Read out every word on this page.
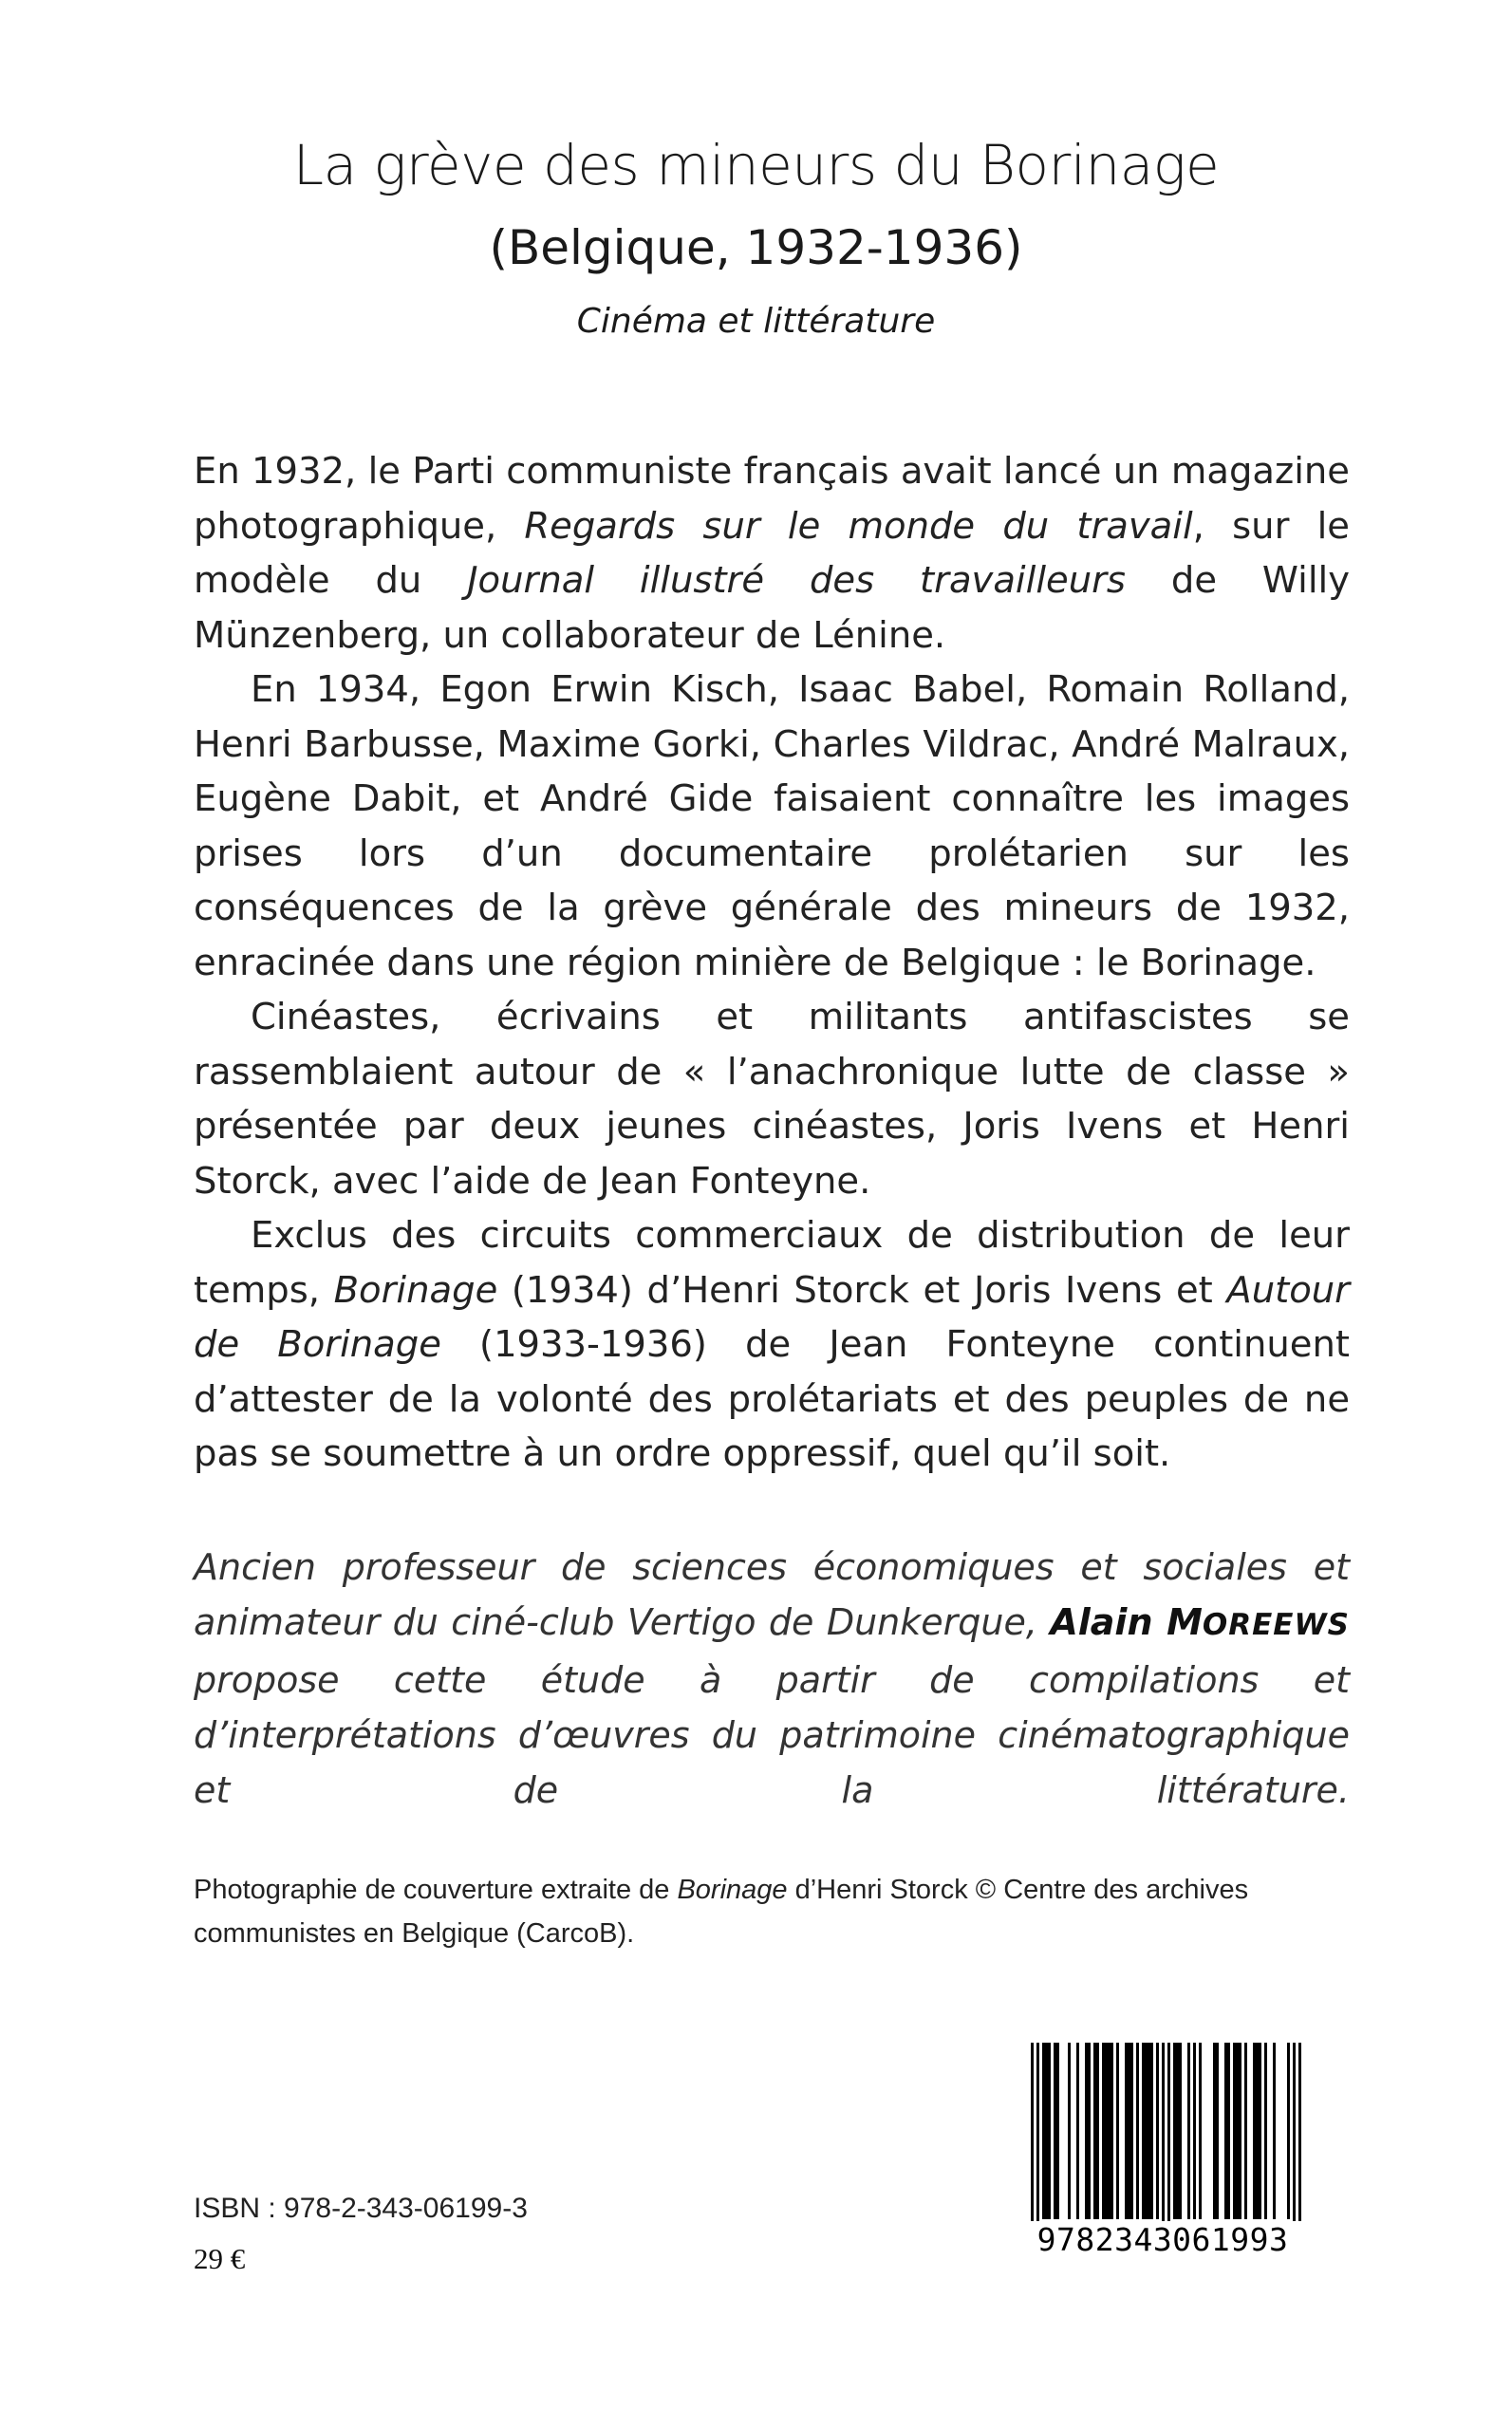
La grève des mineurs du Borinage
(Belgique, 1932-1936)
Cinéma et littérature

En 1932, le Parti communiste français avait lancé un magazine photographique, Regards sur le monde du travail, sur le modèle du Journal illustré des travailleurs de Willy Münzenberg, un collaborateur de Lénine.

En 1934, Egon Erwin Kisch, Isaac Babel, Romain Rolland, Henri Barbusse, Maxime Gorki, Charles Vildrac, André Malraux, Eugène Dabit, et André Gide faisaient connaître les images prises lors d’un documentaire prolétarien sur les conséquences de la grève générale des mineurs de 1932, enracinée dans une région minière de Belgique : le Borinage.

Cinéastes, écrivains et militants antifascistes se rassemblaient autour de « l’anachronique lutte de classe » présentée par deux jeunes cinéastes, Joris Ivens et Henri Storck, avec l’aide de Jean Fonteyne.

Exclus des circuits commerciaux de distribution de leur temps, Borinage (1934) d’Henri Storck et Joris Ivens et Autour de Borinage (1933-1936) de Jean Fonteyne continuent d’attester de la volonté des prolétariats et des peuples de ne pas se soumettre à un ordre oppressif, quel qu’il soit.

Ancien professeur de sciences économiques et sociales et animateur du ciné-club Vertigo de Dunkerque, Alain MOREEWS propose cette étude à partir de compilations et d’interprétations d’œuvres du patrimoine cinématographique et de la littérature.
Photographie de couverture extraite de Borinage d’Henri Storck © Centre des archives communistes en Belgique (CarcoB).
9782343061993
ISBN : 978-2-343-06199-3
29 €
